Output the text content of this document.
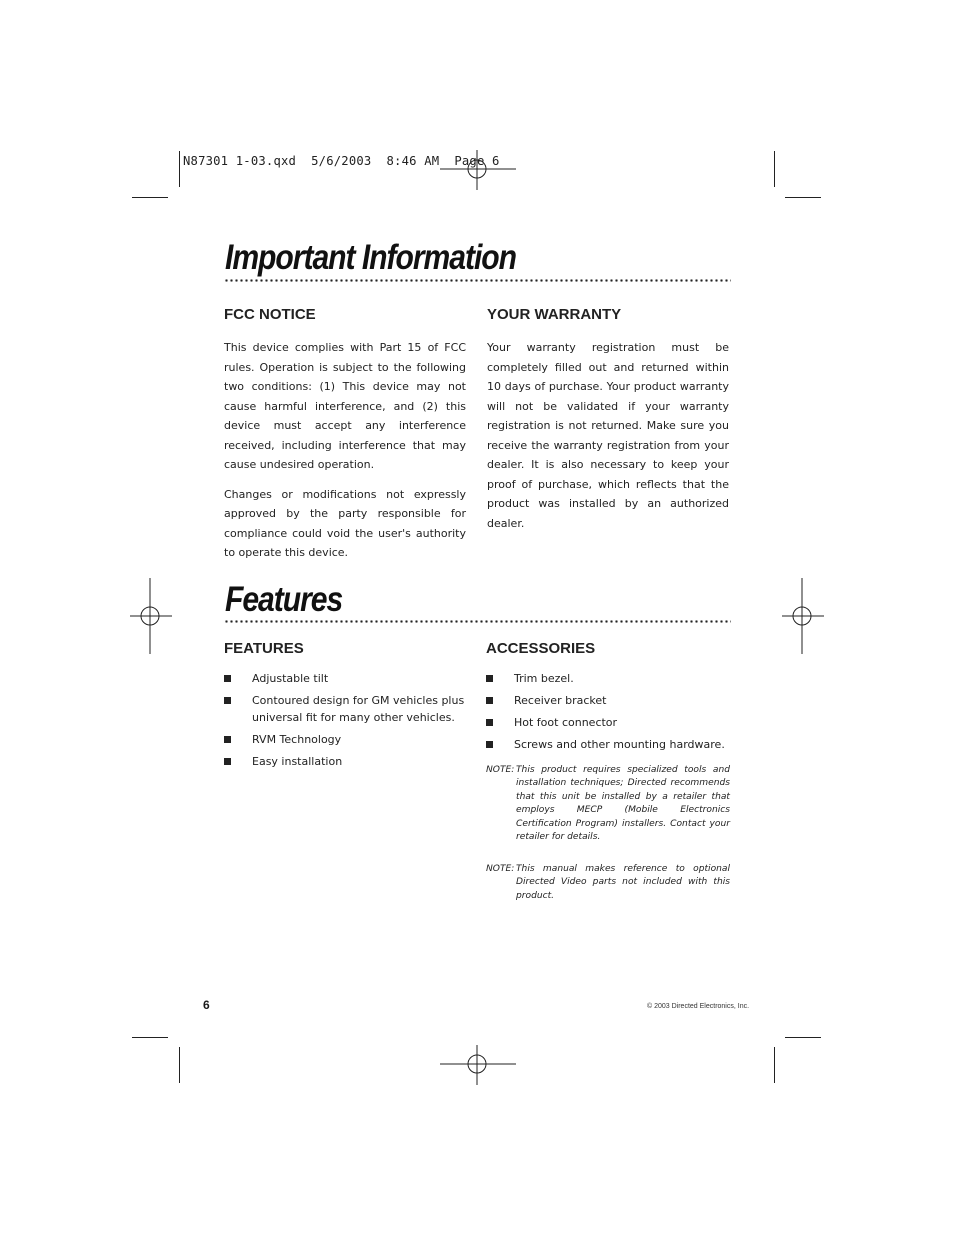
N87301 1-03.qxd  5/6/2003  8:46 AM  Page 6
Important Information
FCC NOTICE

This device complies with Part 15 of FCC rules. Operation is subject to the following two conditions: (1) This device may not cause harmful interference, and (2) this device must accept any interference received, including interference that may cause undesired operation.

Changes or modifications not expressly approved by the party responsible for compliance could void the user's authority to operate this device.

YOUR WARRANTY

Your warranty registration must be completely filled out and returned within 10 days of purchase. Your product warranty will not be validated if your warranty registration is not returned. Make sure you receive the warranty registration from your dealer. It is also necessary to keep your proof of purchase, which reflects that the product was installed by an authorized dealer.

Features
FEATURES
Adjustable tilt
Contoured design for GM vehicles plus universal fit for many other vehicles.
RVM Technology
Easy installation
ACCESSORIES
Trim bezel.
Receiver bracket
Hot foot connector
Screws and other mounting hardware.
NOTE: This product requires specialized tools and installation techniques; Directed recommends that this unit be installed by a retailer that employs MECP (Mobile Electronics Certification Program) installers. Contact your retailer for details.
NOTE: This manual makes reference to optional Directed Video parts not included with this product.
6	© 2003 Directed Electronics, Inc.
